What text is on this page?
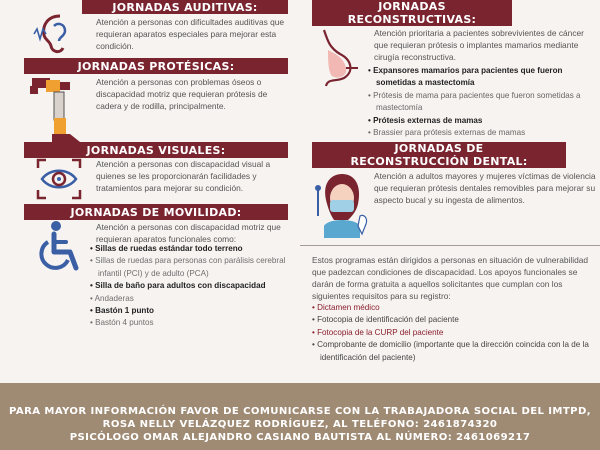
JORNADAS AUDITIVAS:
Atención a personas con dificultades auditivas que requieran aparatos especiales para mejorar esta condición.
JORNADAS PROTÉSICAS:
Atención a personas con problemas óseos o discapacidad motriz que requieran prótesis de cadera y de rodilla, principalmente.
JORNADAS VISUALES:
Atención a personas con discapacidad visual a quienes se les proporcionarán facilidades y tratamientos para mejorar su condición.
JORNADAS DE MOVILIDAD:
Atención a personas con discapacidad motriz que requieran aparatos funcionales como:
• Sillas de ruedas estándar todo terreno
• Sillas de ruedas para personas con parálisis cerebral infantil (PCI) y de adulto (PCA)
• Silla de baño para adultos con discapacidad
• Andaderas
• Bastón 1 punto
• Bastón 4 puntos
JORNADAS
RECONSTRUCTIVAS:
Atención prioritaria a pacientes sobrevivientes de cáncer que requieran prótesis o implantes mamarios mediante cirugía reconstructiva.
• Expansores mamarios para pacientes que fueron sometidas a mastectomía
• Prótesis de mama para pacientes que fueron sometidas a mastectomía
• Prótesis externas de mamas
• Brassier para prótesis externas de mamas
JORNADAS DE
RECONSTRUCCIÓN DENTAL:
Atención a adultos mayores y mujeres víctimas de violencia que requieran prótesis dentales removibles para mejorar su aspecto bucal y su ingesta de alimentos.
Estos programas están dirigidos a personas en situación de vulnerabilidad que padezcan condiciones de discapacidad. Los apoyos funcionales se darán de forma gratuita a aquellos solicitantes que cumplan con los siguientes requisitos para su registro:
• Dictamen médico
• Fotocopia de identificación del paciente
• Fotocopia de la CURP del paciente
• Comprobante de domicilio (importante que la dirección coincida con la de la identificación del paciente)
PARA MAYOR INFORMACIÓN FAVOR DE COMUNICARSE CON LA TRABAJADORA SOCIAL DEL IMTPD,
ROSA NELLY VELÁZQUEZ RODRÍGUEZ, AL TELÉFONO: 2461874320
PSICÓLOGO OMAR ALEJANDRO CASIANO BAUTISTA AL NÚMERO: 2461069217
